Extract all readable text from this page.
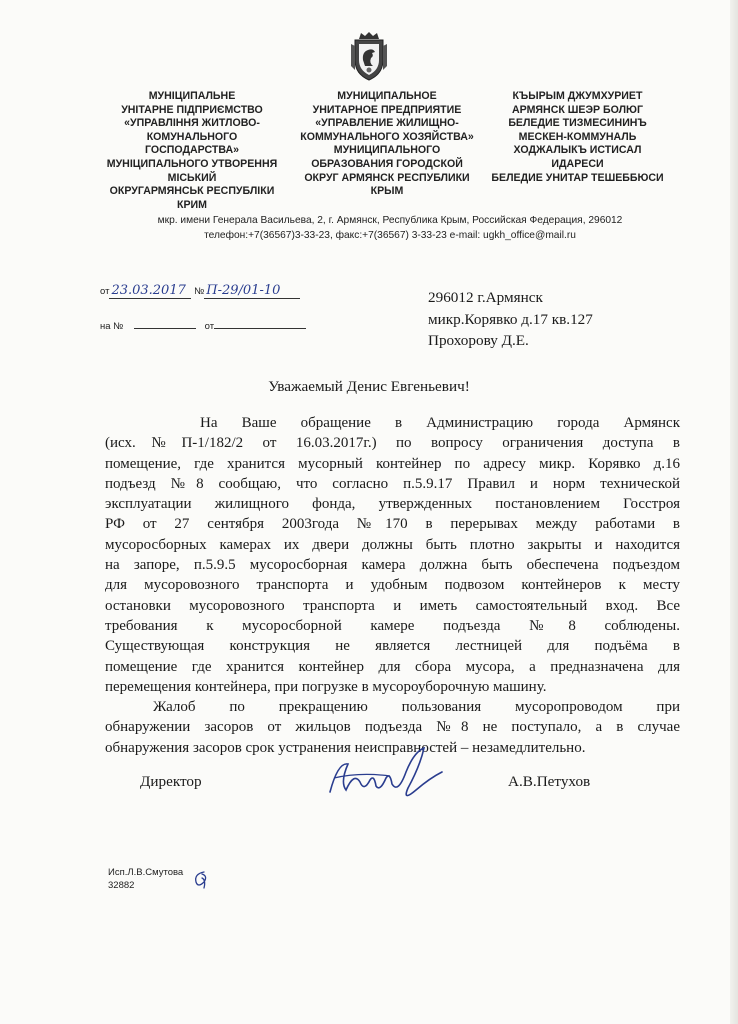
МУНІЦИПАЛЬНЕ
УНІТАРНЕ ПІДПРИЄМСТВО
«УПРАВЛІННЯ ЖИТЛОВО-
КОМУНАЛЬНОГО
ГОСПОДАРСТВА»
МУНІЦИПАЛЬНОГО УТВОРЕННЯ
МІСЬКИЙ
ОКРУГАРМЯНСЬК РЕСПУБЛІКИ
КРИМ
МУНИЦИПАЛЬНОЕ
УНИТАРНОЕ ПРЕДПРИЯТИЕ
«УПРАВЛЕНИЕ ЖИЛИЩНО-
КОММУНАЛЬНОГО ХОЗЯЙСТВА»
МУНИЦИПАЛЬНОГО
ОБРАЗОВАНИЯ ГОРОДСКОЙ
ОКРУГ АРМЯНСК РЕСПУБЛИКИ
КРЫМ
КЪЫРЫМ ДЖУМХУРИЕТ
АРМЯНСК ШЕЭР БОЛЮГ
БЕЛЕДИЕ ТИЗМЕСИНИНЪ
МЕСКЕН-КОММУНАЛЬ
ХОДЖАЛЫКЪ ИСТИСАЛ
ИДАРЕСИ
БЕЛЕДИЕ УНИТАР ТЕШЕББЮСИ
мкр. имени Генерала Васильева, 2, г. Армянск, Республика Крым, Российская Федерация, 296012
телефон:+7(36567)3-33-23, факс:+7(36567) 3-33-23 e-mail: ugkh_office@mail.ru
от 23.03.2017 № П-29/01-10
на №	от
296012 г.Армянск
микр.Корявко д.17 кв.127
Прохорову Д.Е.
Уважаемый Денис Евгеньевич!
На Ваше обращение в Администрацию города Армянск
(исх.№П-1/182/2 от 16.03.2017г.) по вопросу ограничения доступа в
помещение, где хранится мусорный контейнер по адресу микр. Корявко д.16
подъезд №8 сообщаю, что согласно п.5.9.17 Правил и норм технической
эксплуатации жилищного фонда, утвержденных постановлением Госстроя
РФ от 27 сентября 2003года №170 в перерывах между работами в
мусоросборных камерах их двери должны быть плотно закрыты и находится
на запоре, п.5.9.5 мусоросборная камера должна быть обеспечена подъездом
для мусоровозного транспорта и удобным подвозом контейнеров к месту
остановки мусоровозного транспорта и иметь самостоятельный вход. Все
требования к мусоросборной камере подъезда №8 соблюдены.
Существующая конструкция не является лестницей для подъёма в
помещение где хранится контейнер для сбора мусора, а предназначена для
перемещения контейнера, при погрузке в мусороуборочную машину.
Жалоб по прекращению пользования мусоропроводом при
обнаружении засоров от жильцов подъезда №8 не поступало, а в случае
обнаружения засоров срок устранения неисправностей – незамедлительно.
Директор	А.В.Петухов
Исп.Л.В.Смутова
32882
